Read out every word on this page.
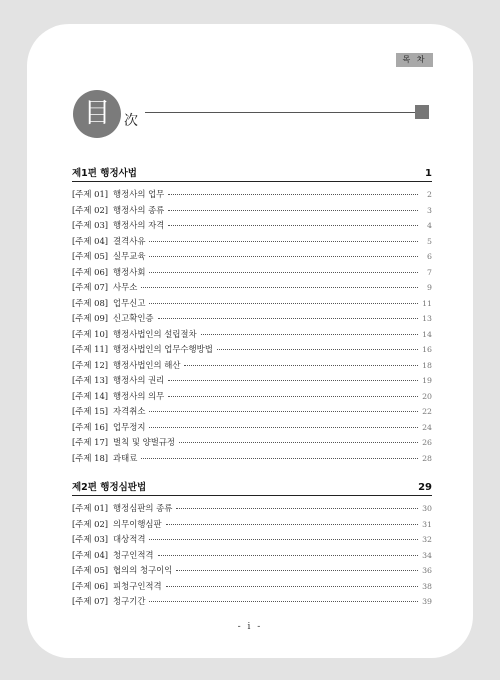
목 차
目 次
제1편 행정사법	1
[주제 01] 행정사의 업무	2
[주제 02] 행정사의 종류	3
[주제 03] 행정사의 자격	4
[주제 04] 결격사유	5
[주제 05] 실무교육	6
[주제 06] 행정사회	7
[주제 07] 사무소	9
[주제 08] 업무신고	11
[주제 09] 신고확인증	13
[주제 10] 행정사법인의 설립절차	14
[주제 11] 행정사법인의 업무수행방법	16
[주제 12] 행정사법인의 해산	18
[주제 13] 행정사의 권리	19
[주제 14] 행정사의 의무	20
[주제 15] 자격취소	22
[주제 16] 업무정지	24
[주제 17] 벌칙 및 양벌규정	26
[주제 18] 과태료	28
제2편 행정심판법	29
[주제 01] 행정심판의 종류	30
[주제 02] 의무이행심판	31
[주제 03] 대상적격	32
[주제 04] 청구인적격	34
[주제 05] 협의의 청구이익	36
[주제 06] 피청구인적격	38
[주제 07] 청구기간	39
- i -
